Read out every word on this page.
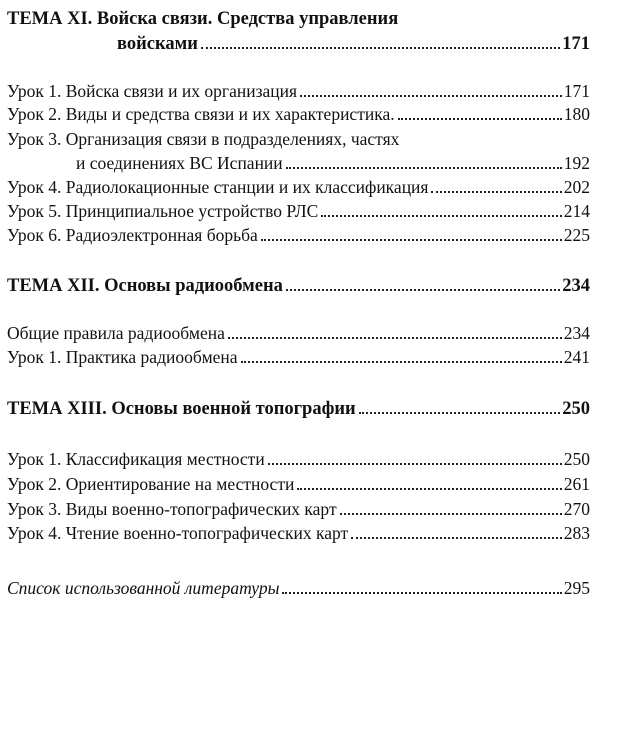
ТЕМА XI. Войска связи. Средства управления
войсками	171
Урок 1. Войска связи и их организация	171
Урок 2. Виды и средства связи и их характеристика.	180
Урок 3. Организация связи в подразделениях, частях
и соединениях ВС Испании	192
Урок 4. Радиолокационные станции и их классификация	202
Урок 5. Принципиальное устройство РЛС	214
Урок 6. Радиоэлектронная борьба	225
ТЕМА XII. Основы радиообмена	234
Общие правила радиообмена	234
Урок 1. Практика радиообмена	241
ТЕМА XIII. Основы военной топографии	250
Урок 1. Классификация местности	250
Урок 2. Ориентирование на местности	261
Урок 3. Виды военно-топографических карт	270
Урок 4. Чтение военно-топографических карт	283
Список использованной литературы	295
